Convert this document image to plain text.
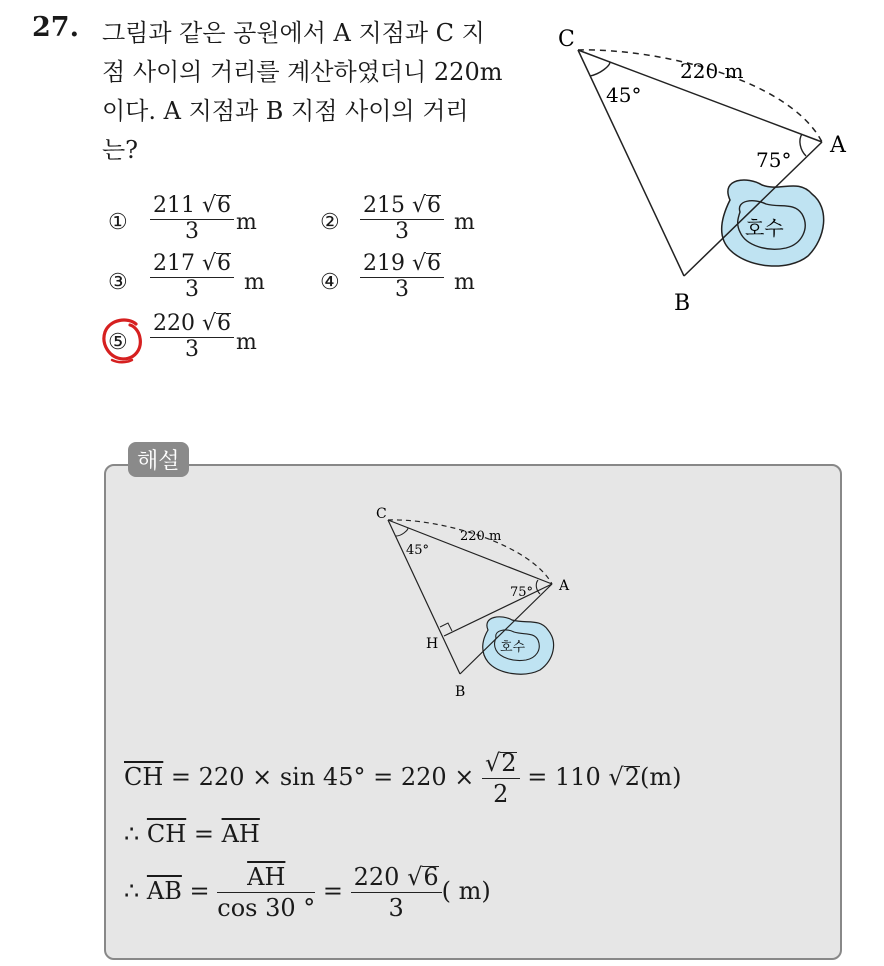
27. 그림과 같은 공원에서 A 지점과 C 지
점 사이의 거리를 계산하였더니 220m
이다. A 지점과 B 지점 사이의 거리
는?
① $\frac{211 √6}{3}$ m	② $\frac{215 √6}{3}$ m
③ $\frac{217 √6}{3}$ m	④ $\frac{219 √6}{3}$ m
⑤ $\frac{220 √6}{3}$ m
C
A
B
45°
75°
220 m
호수
해설
C
A
B
H
45°
75°
220 m
호수
$\overline{CH} = 220 \times \sin 45^\circ = 220 \times \frac{√2}{2} = 110$ √2(m)
∴ $\overline{CH} = \overline{AH}$
∴ $\overline{AB} = \frac{\overline{AH}}{\cos 30 ^\circ} = \frac{220 √6}{3}$ ( m)
